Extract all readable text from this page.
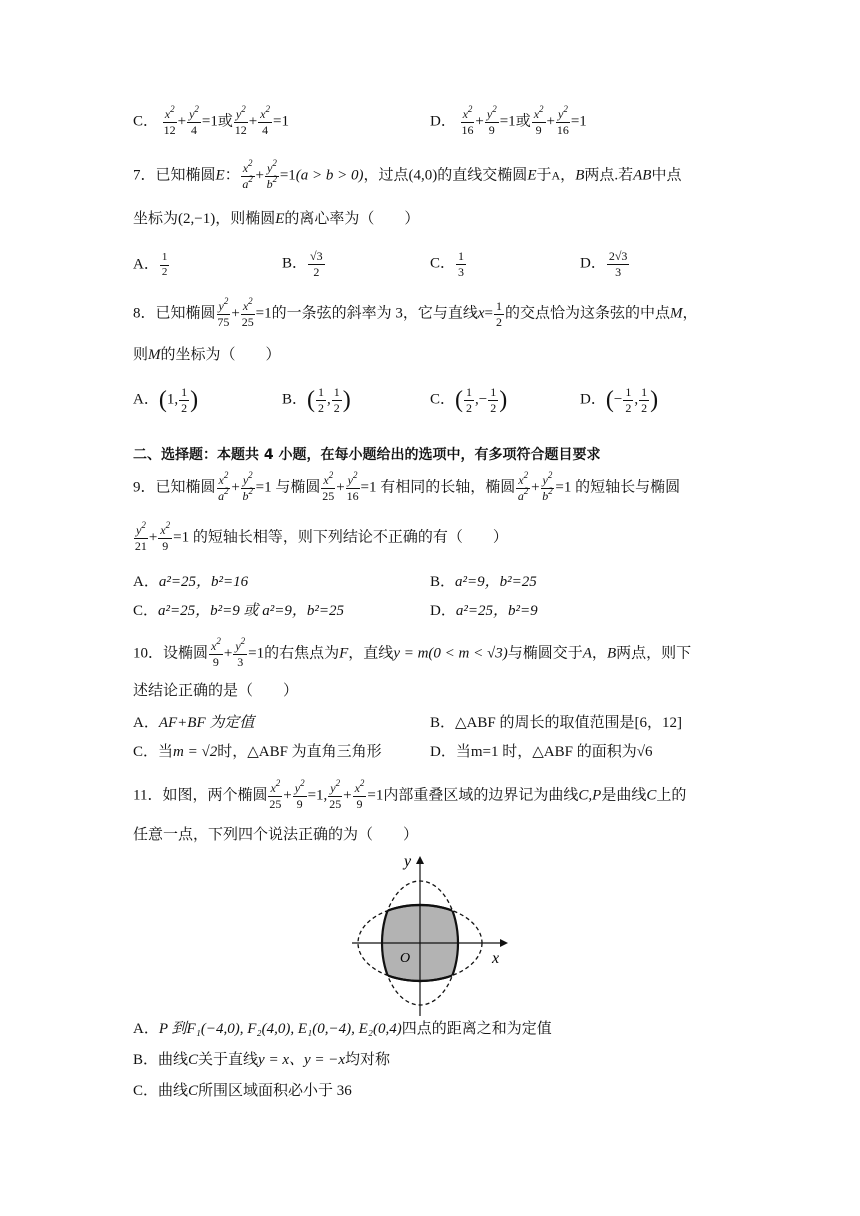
C． $\frac{x^2}{12} + \frac{y^2}{4} =1$或 $\frac{y^2}{12} + \frac{x^2}{4} =1$	D． $\frac{x^2}{16} + \frac{y^2}{9} =1$或 $\frac{x^2}{9} + \frac{y^2}{16} =1$
7．已知椭圆E： $\frac{x^2}{a^2} + \frac{y^2}{b^2} =1(a > b > 0)$，过点(4,0)的直线交椭圆E于A，B两点.若AB中点
坐标为(2,−1)，则椭圆E的离心率为（　　）
A． $\frac{1}{2}$	B． $\frac{√3}{2}$	C． $\frac{1}{3}$	D． $\frac{2√3}{3}$
8．已知椭圆 $\frac{y^2}{75} + \frac{x^2}{25} =1$的一条弦的斜率为 3，它与直线$x= \frac{1}{2}$ 的交点恰为这条弦的中点M，
则M的坐标为（　　）
A．(1, $\frac{1}{2}$ )	B．( $\frac{1}{2}$ , $\frac{1}{2}$ )	C．( $\frac{1}{2}$ ,− $\frac{1}{2}$ )	D．(− $\frac{1}{2}$ , $\frac{1}{2}$ )
二、选择题：本题共 4 小题，在每小题给出的选项中，有多项符合题目要求
9．已知椭圆 $\frac{x^2}{a^2} + \frac{y^2}{b^2} =1$ 与椭圆 $\frac{x^2}{25} + \frac{y^2}{16} =1$ 有相同的长轴，椭圆 $\frac{x^2}{a^2} + \frac{y^2}{b^2} =1$ 的短轴长与椭圆
$\frac{y^2}{21} + \frac{x^2}{9} =1$ 的短轴长相等，则下列结论不正确的有（　　）
A．a²=25，b²=16	B．a²=9，b²=25
C．a²=25，b²=9 或 a²=9，b²=25	D．a²=25，b²=9
10．设椭圆 $\frac{x^2}{9} + \frac{y^2}{3} =1$的右焦点为F，直线y = m(0 < m < √3)与椭圆交于A，B两点，则下
述结论正确的是（　　）
A．AF+BF 为定值	B．△ABF 的周长的取值范围是[6，12]
C．当m = √2时，△ABF 为直角三角形	D．当m=1 时，△ABF 的面积为√6
11．如图，两个椭圆 $\frac{x^2}{25} + \frac{y^2}{9} =1$, $\frac{y^2}{25} + \frac{x^2}{9} =1$内部重叠区域的边界记为曲线C,P是曲线C上的
任意一点，下列四个说法正确的为（　　）
y
x
O
A．P 到F₁(−4,0), F₂(4,0), E₁(0,−4), E₂(0,4)四点的距离之和为定值
B．曲线C关于直线y = x、y = −x均对称
C．曲线C所围区域面积必小于 36
